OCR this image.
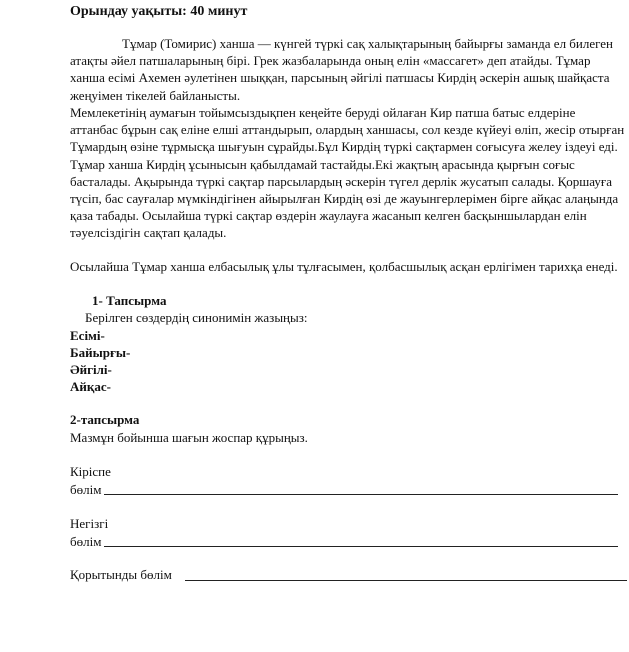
Орындау уақыты: 40 минут

Тұмар (Томирис) ханша — күнгей түркі сақ халықтарының байырғы заманда ел билеген атақты әйел патшаларының бірі. Грек жазбаларында оның елін «массагет» деп атайды. Тұмар ханша есімі Ахемен әулетінен шыққан, парсының әйгілі патшасы Кирдің әскерін ашық шайқаста жеңуімен тікелей байланысты.

Мемлекетінің аумағын тойымсыздықпен кеңейте беруді ойлаған Кир патша батыс елдеріне аттанбас бұрын сақ еліне елші аттандырып, олардың ханшасы, сол кезде күйеуі өліп, жесір отырған Тұмардың өзіне тұрмысқа шығуын сұрайды.Бұл Кирдің түркі сақтармен соғысуға желеу іздеуі еді. Тұмар ханша Кирдің ұсынысын қабылдамай тастайды.Екі жақтың арасында қырғын соғыс басталады. Ақырында түркі сақтар парсылардың әскерін түгел дерлік жусатып салады. Қоршауға түсіп, бас сауғалар мүмкіндігінен айырылған Кирдің өзі де жауынгерлерімен бірге айқас алаңында қаза табады. Осылайша түркі сақтар өздерін жаулауға жасанып келген басқыншылардан елін тәуелсіздігін сақтап қалады.

Осылайша Тұмар ханша елбасылық ұлы тұлғасымен, қолбасшылық асқан ерлігімен тарихқа енеді.

1- Тапсырма
Берілген сөздердің синонимін жазыңыз:
Есімі-
Байырғы-
Әйгілі-
Айқас-
2-тапсырма
Мазмұн бойынша шағын жоспар құрыңыз.
Кіріспе
бөлім
Негізгі
бөлім
Қорытынды бөлім
